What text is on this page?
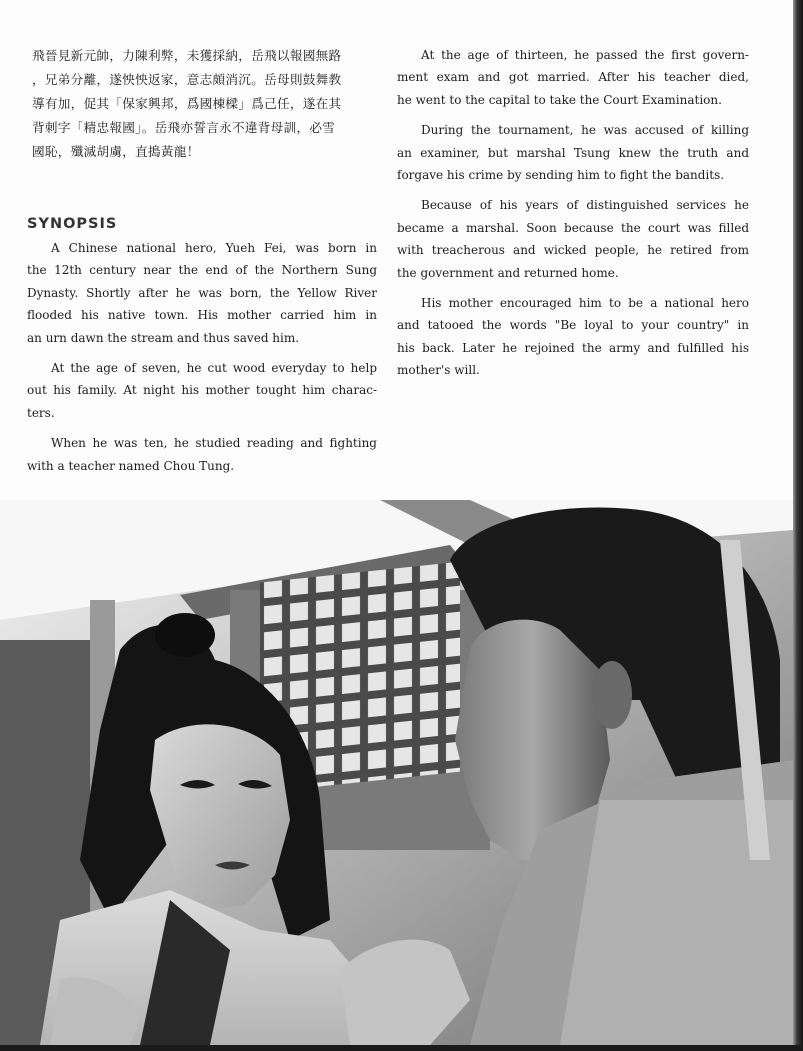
飛晉見新元帥，力陳利弊，未獲採納，岳飛以報國無路
，兄弟分離，遂怏怏返家，意志頗消沉。岳母則鼓舞教
導有加，促其「保家興邦，爲國棟樑」爲己任，遂在其
背刺字「精忠報國」。岳飛亦誓言永不違背母訓，必雪
國恥，殲滅胡虜，直搗黃龍！

SYNOPSIS

A Chinese national hero, Yueh Fei, was born in
the 12th century near the end of the Northern Sung
Dynasty. Shortly after he was born, the Yellow River
flooded his native town. His mother carried him in
an urn dawn the stream and thus saved him.

At the age of seven, he cut wood everyday to help
out his family. At night his mother tought him charac-
ters.

When he was ten, he studied reading and fighting
with a teacher named Chou Tung.

At the age of thirteen, he passed the first govern-
ment exam and got married. After his teacher died,
he went to the capital to take the Court Examination.

During the tournament, he was accused of killing
an examiner, but marshal Tsung knew the truth and
forgave his crime by sending him to fight the bandits.

Because of his years of distinguished services he
became a marshal. Soon because the court was filled
with treacherous and wicked people, he retired from
the government and returned home.

His mother encouraged him to be a national hero
and tatooed the words "Be loyal to your country" in
his back. Later he rejoined the army and fulfilled his
mother's will.
